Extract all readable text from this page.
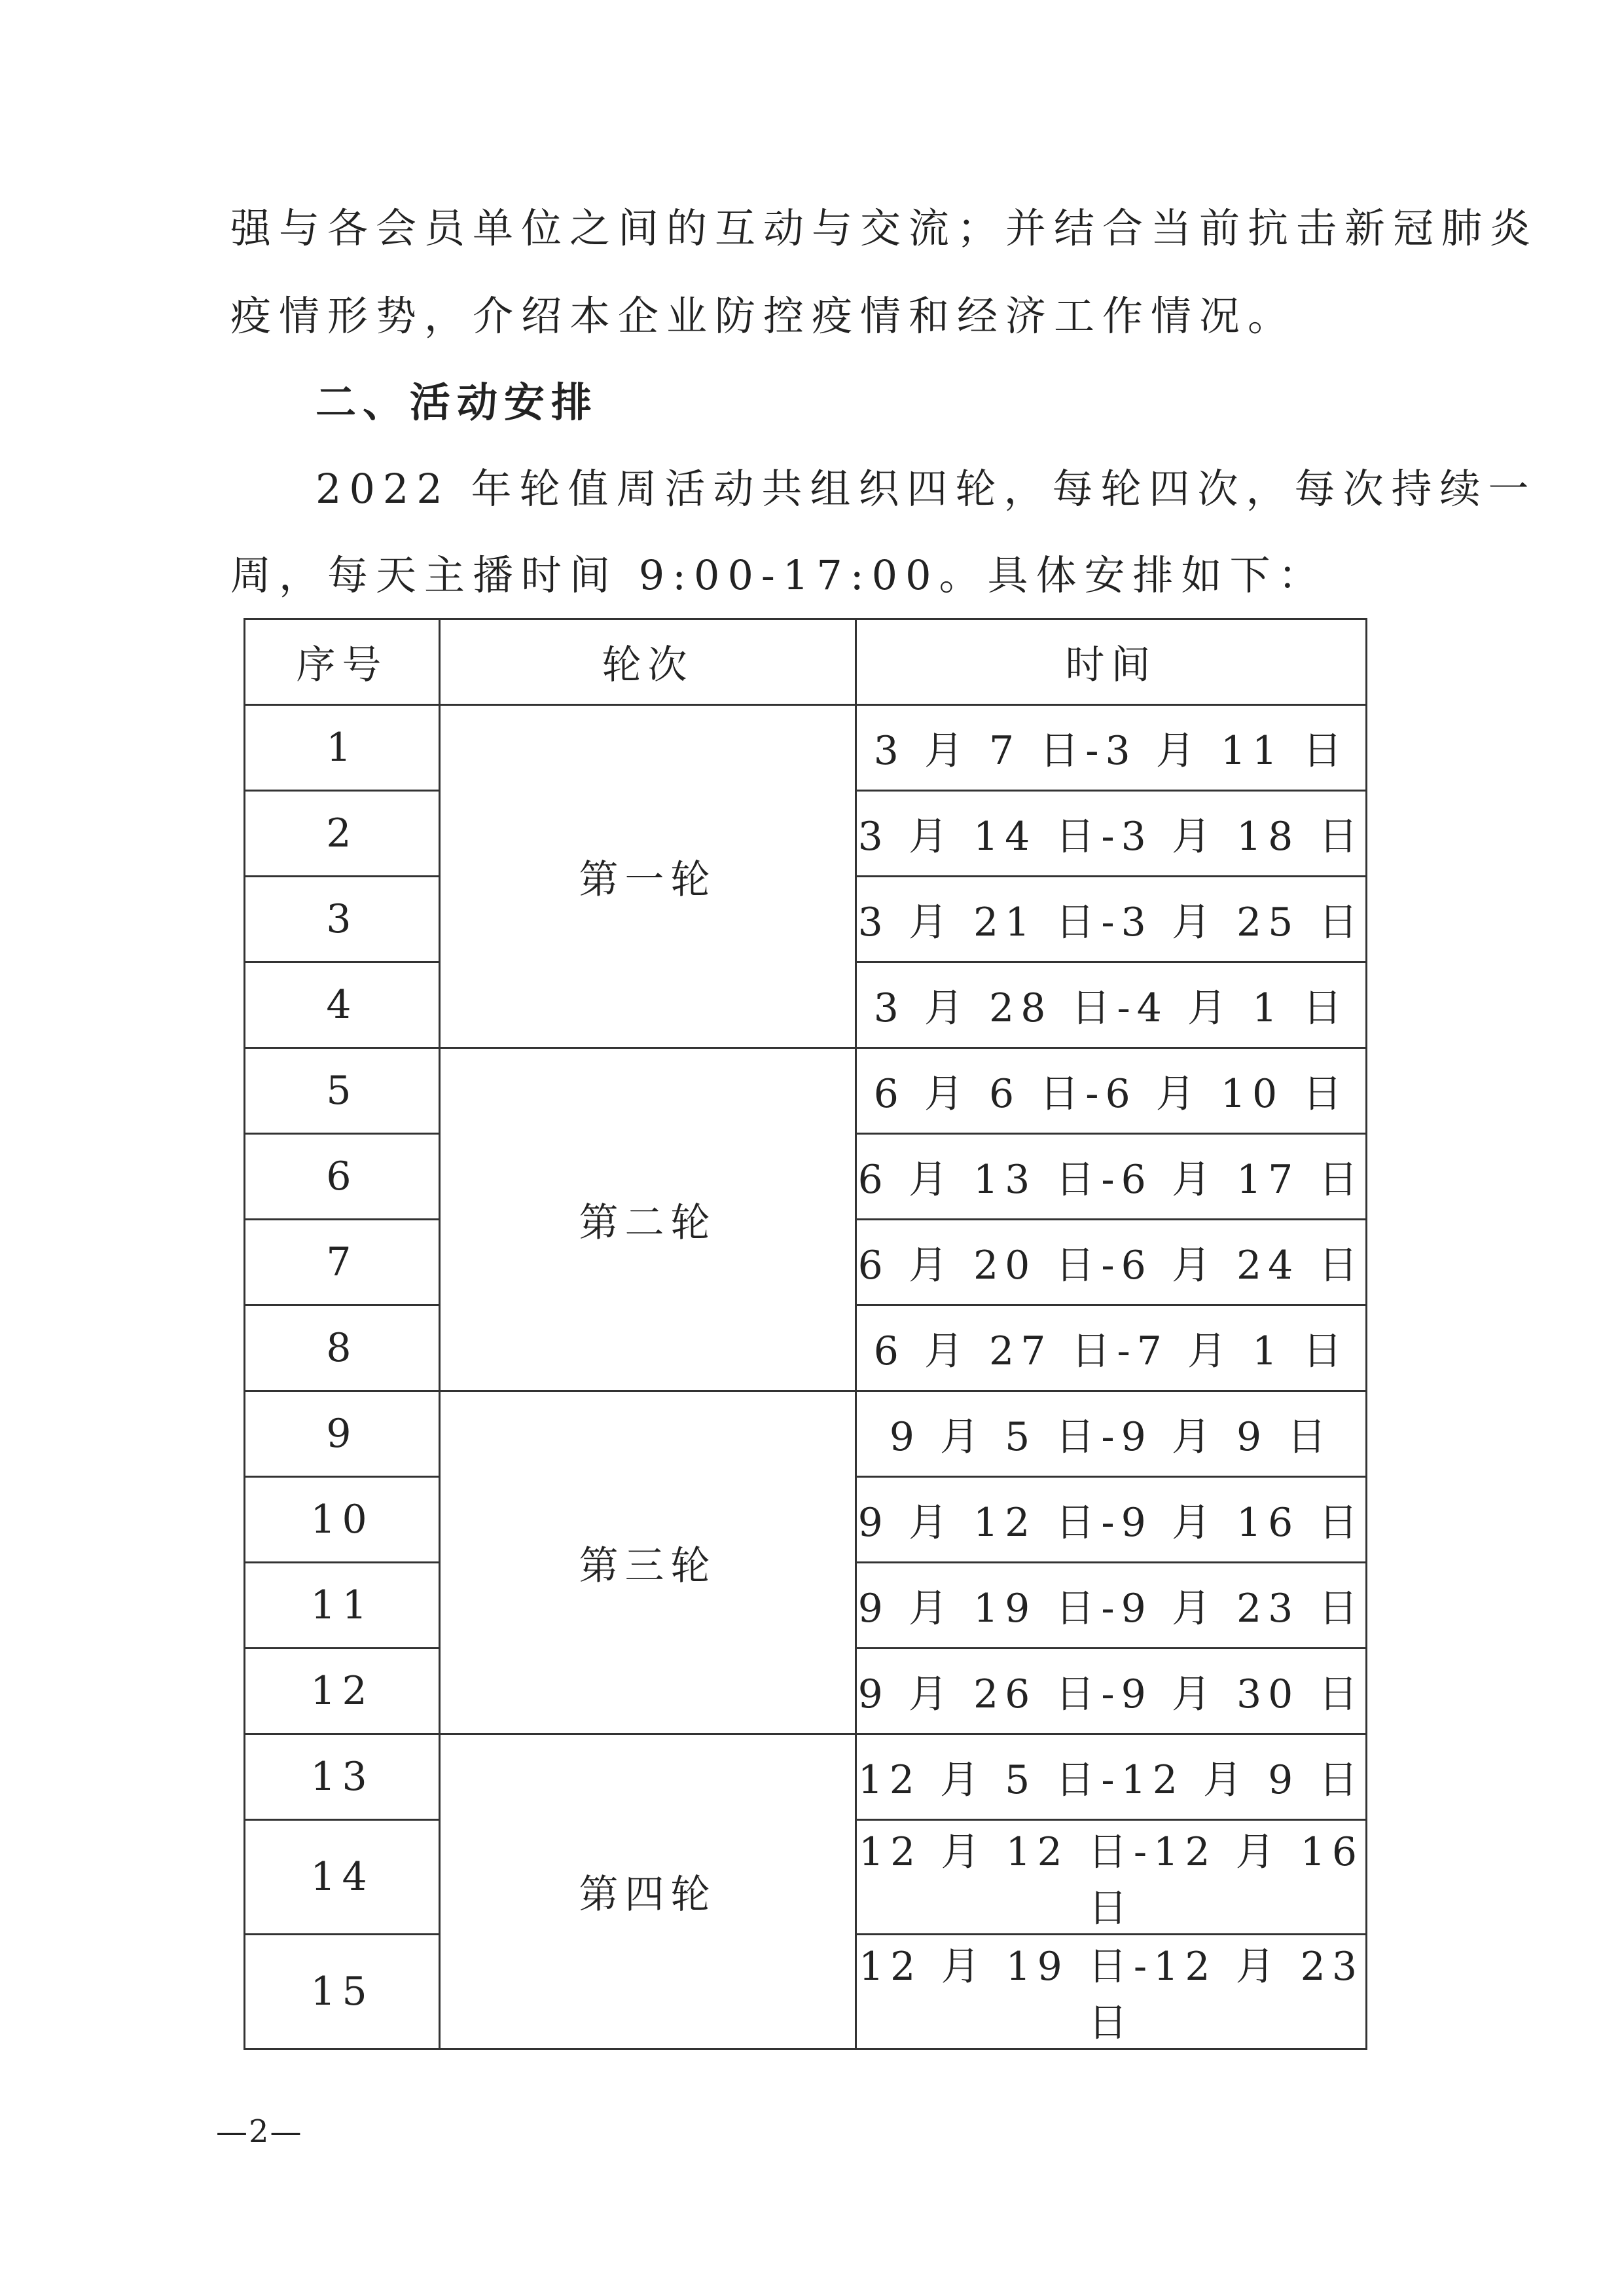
强与各会员单位之间的互动与交流；并结合当前抗击新冠肺炎
疫情形势，介绍本企业防控疫情和经济工作情况。
二、活动安排
2022 年轮值周活动共组织四轮，每轮四次，每次持续一
周，每天主播时间 9:00-17:00。具体安排如下：
序号	轮次	时间
1	第一轮	3 月 7 日-3 月 11 日
2		3 月 14 日-3 月 18 日
3		3 月 21 日-3 月 25 日
4		3 月 28 日-4 月 1 日
5	第二轮	6 月 6 日-6 月 10 日
6		6 月 13 日-6 月 17 日
7		6 月 20 日-6 月 24 日
8		6 月 27 日-7 月 1 日
9	第三轮	9 月 5 日-9 月 9 日
10		9 月 12 日-9 月 16 日
11		9 月 19 日-9 月 23 日
12		9 月 26 日-9 月 30 日
13	第四轮	12 月 5 日-12 月 9 日
14		12 月 12 日-12 月 16 日
15		12 月 19 日-12 月 23 日
—2—
